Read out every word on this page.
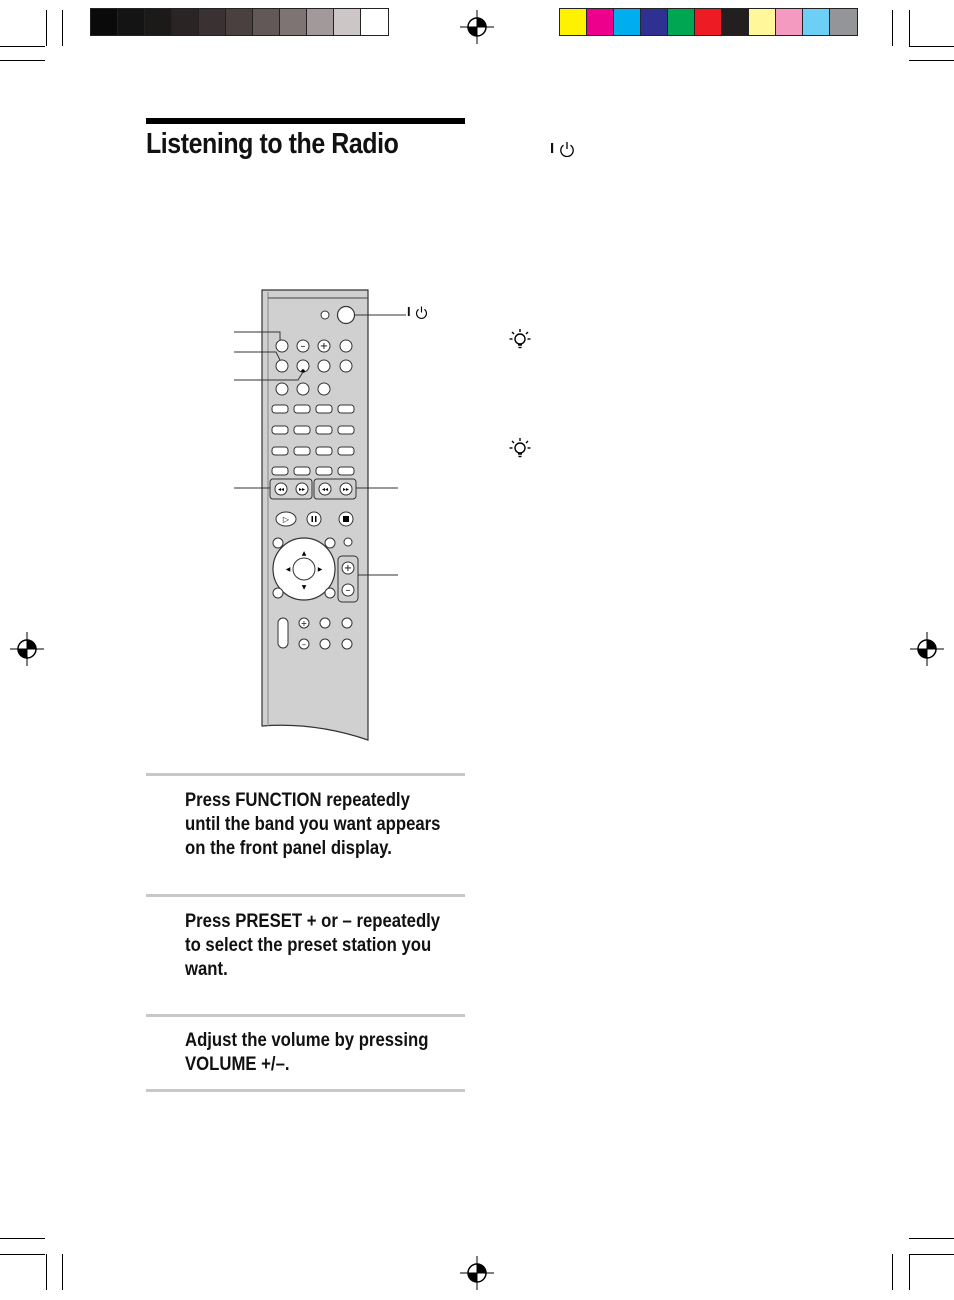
Listening to the Radio	I
– +
◂◂ ▸▸	◂◂ ▸▸
▷
▲
▼
◀	▶ +
–
+
–
I
Press FUNCTION repeatedly until the band you want appears on the front panel display.
Press PRESET + or – repeatedly to select the preset station you want.
Adjust the volume by pressing VOLUME +/–.
